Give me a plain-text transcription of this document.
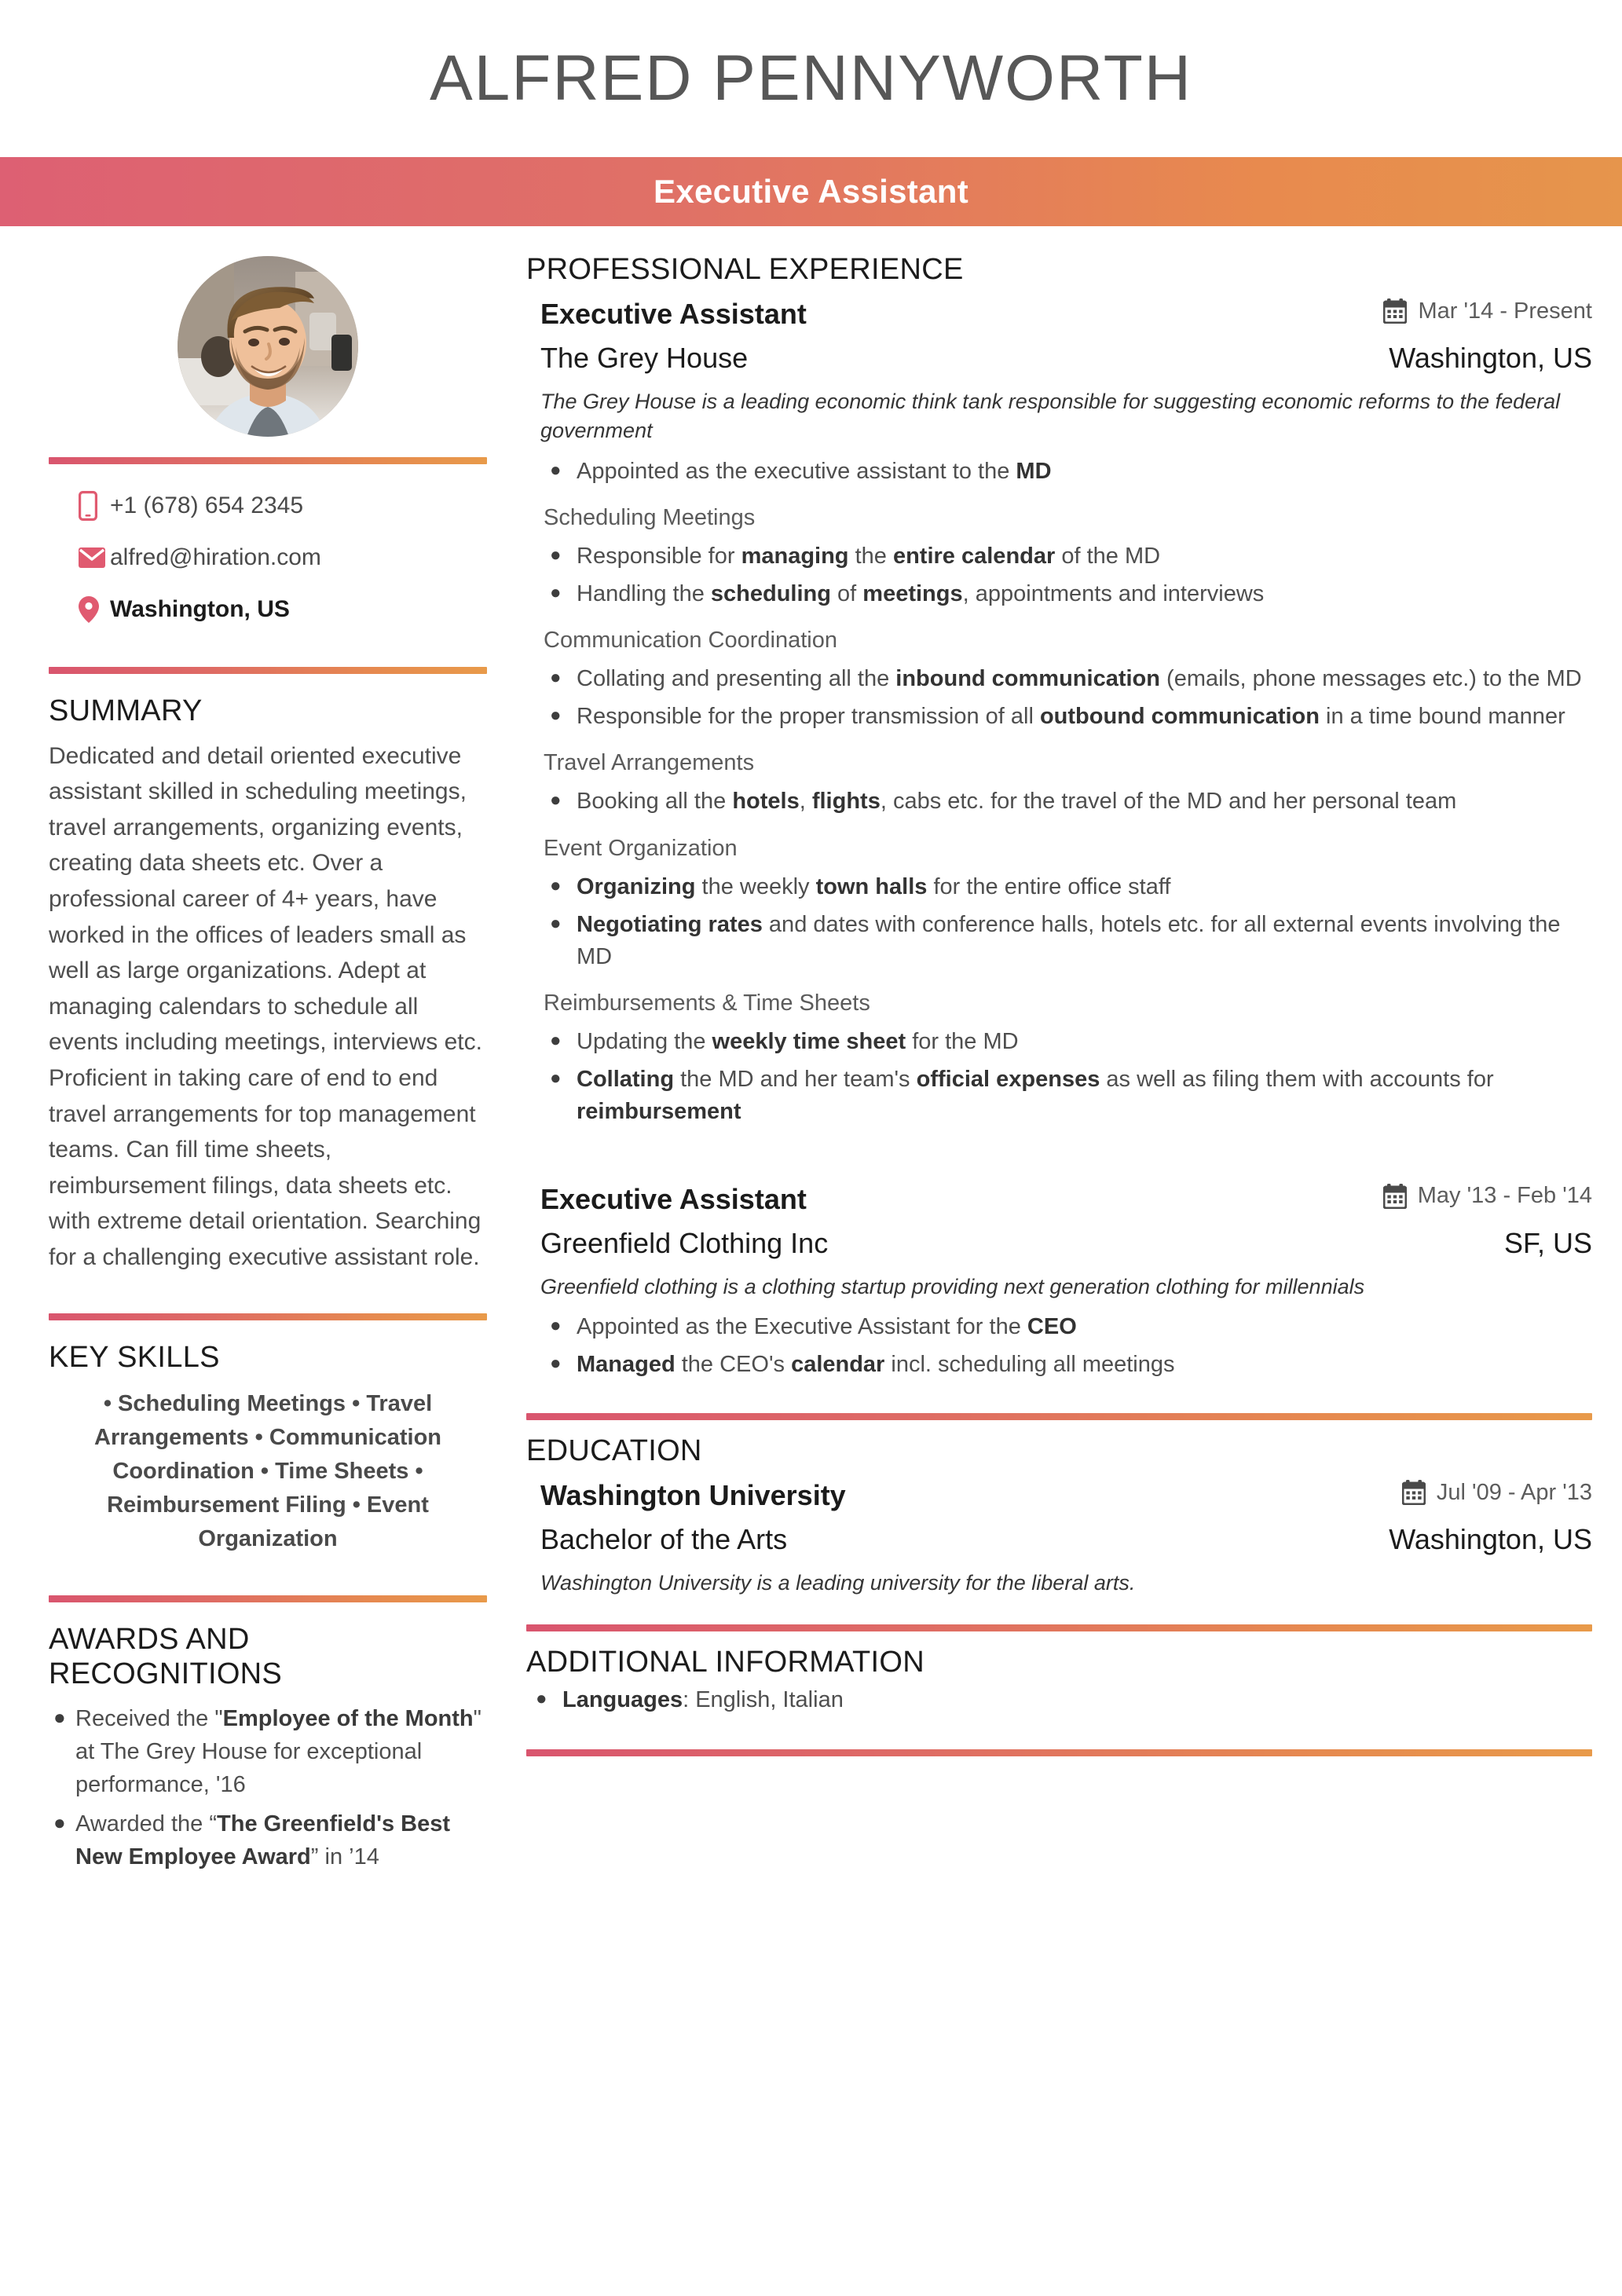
ALFRED PENNYWORTH
Executive Assistant
+1 (678) 654 2345
alfred@hiration.com
Washington, US
SUMMARY
Dedicated and detail oriented executive assistant skilled in scheduling meetings, travel arrangements, organizing events, creating data sheets etc. Over a professional career of 4+ years, have worked in the offices of leaders small as well as large organizations. Adept at managing calendars to schedule all events including meetings, interviews etc. Proficient in taking care of end to end travel arrangements for top management teams. Can fill time sheets, reimbursement filings, data sheets etc. with extreme detail orientation. Searching for a challenging executive assistant role.
KEY SKILLS
• Scheduling Meetings • Travel Arrangements • Communication Coordination • Time Sheets • Reimbursement Filing • Event Organization
AWARDS AND
RECOGNITIONS
● Received the "Employee of the Month" at The Grey House for exceptional performance, '16
● Awarded the “The Greenfield's Best New Employee Award” in ’14
PROFESSIONAL EXPERIENCE
Executive Assistant	Mar '14 - Present
The Grey House	Washington, US
The Grey House is a leading economic think tank responsible for suggesting economic reforms to the federal government
● Appointed as the executive assistant to the MD
Scheduling Meetings
● Responsible for managing the entire calendar of the MD
● Handling the scheduling of meetings, appointments and interviews
Communication Coordination
● Collating and presenting all the inbound communication (emails, phone messages etc.) to the MD
● Responsible for the proper transmission of all outbound communication in a time bound manner
Travel Arrangements
● Booking all the hotels, flights, cabs etc. for the travel of the MD and her personal team
Event Organization
● Organizing the weekly town halls for the entire office staff
● Negotiating rates and dates with conference halls, hotels etc. for all external events involving the MD
Reimbursements & Time Sheets
● Updating the weekly time sheet for the MD
● Collating the MD and her team's official expenses as well as filing them with accounts for reimbursement
Executive Assistant	May '13 - Feb '14
Greenfield Clothing Inc	SF, US
Greenfield clothing is a clothing startup providing next generation clothing for millennials
● Appointed as the Executive Assistant for the CEO
● Managed the CEO's calendar incl. scheduling all meetings
EDUCATION
Washington University	Jul '09 - Apr '13
Bachelor of the Arts	Washington, US
Washington University is a leading university for the liberal arts.
ADDITIONAL INFORMATION
● Languages: English, Italian
